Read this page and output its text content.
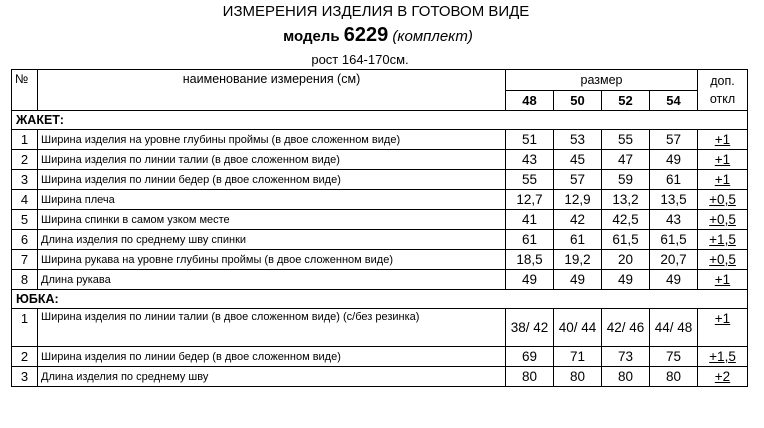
ИЗМЕРЕНИЯ ИЗДЕЛИЯ В ГОТОВОМ ВИДЕ
модель 6229 (комплект)
рост 164-170см.
№	наименование измерения (см)	размер				доп.
откл
		48	50	52	54	
ЖАКЕТ:						
1	Ширина изделия на уровне глубины проймы (в двое сложенном виде)	51	53	55	57	+1
2	Ширина изделия по линии талии (в двое сложенном виде)	43	45	47	49	+1
3	Ширина изделия по линии бедер (в двое сложенном виде)	55	57	59	61	+1
4	Ширина плеча	12,7	12,9	13,2	13,5	+0,5
5	Ширина спинки в самом узком месте	41	42	42,5	43	+0,5
6	Длина изделия по среднему шву спинки	61	61	61,5	61,5	+1,5
7	Ширина рукава на уровне глубины проймы (в двое сложенном виде)	18,5	19,2	20	20,7	+0,5
8	Длина рукава	49	49	49	49	+1
ЮБКА:						
1	Ширина изделия по линии талии (в двое сложенном виде) (с/без резинка)	38/ 42	40/ 44	42/ 46	44/ 48	+1
2	Ширина изделия по линии бедер (в двое сложенном виде)	69	71	73	75	+1,5
3	Длина изделия по среднему шву	80	80	80	80	+2
